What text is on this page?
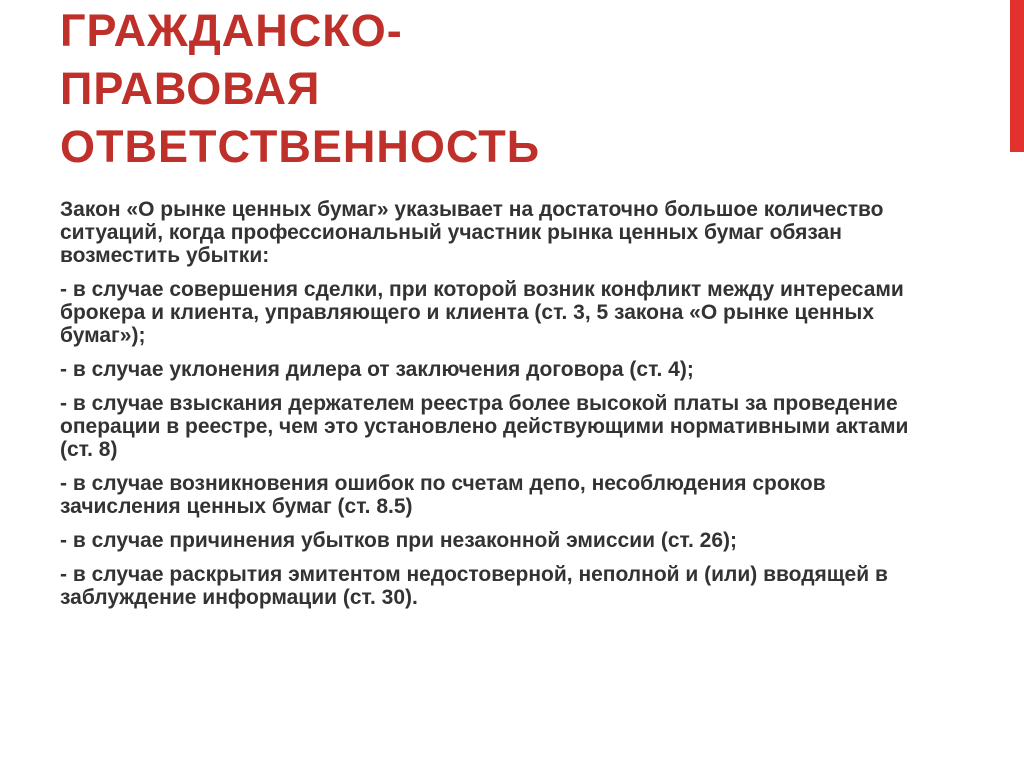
ГРАЖДАНСКО-
ПРАВОВАЯ
ОТВЕТСТВЕННОСТЬ

Закон «О рынке ценных бумаг» указывает на достаточно большое количество ситуаций, когда профессиональный участник рынка ценных бумаг обязан возместить убытки:

- в случае совершения сделки, при которой возник конфликт между интересами брокера и клиента, управляющего и клиента (ст. 3, 5 закона «О рынке ценных бумаг»);

- в случае уклонения дилера от заключения договора (ст. 4);

- в случае взыскания держателем реестра более высокой платы за проведение операции в реестре, чем это установлено действующими нормативными актами (ст. 8)

- в случае возникновения ошибок по счетам депо, несоблюдения сроков зачисления ценных бумаг (ст. 8.5)

- в случае причинения убытков при незаконной эмиссии (ст. 26);

- в случае раскрытия эмитентом недостоверной, неполной и (или) вводящей в заблуждение информации (ст. 30).
